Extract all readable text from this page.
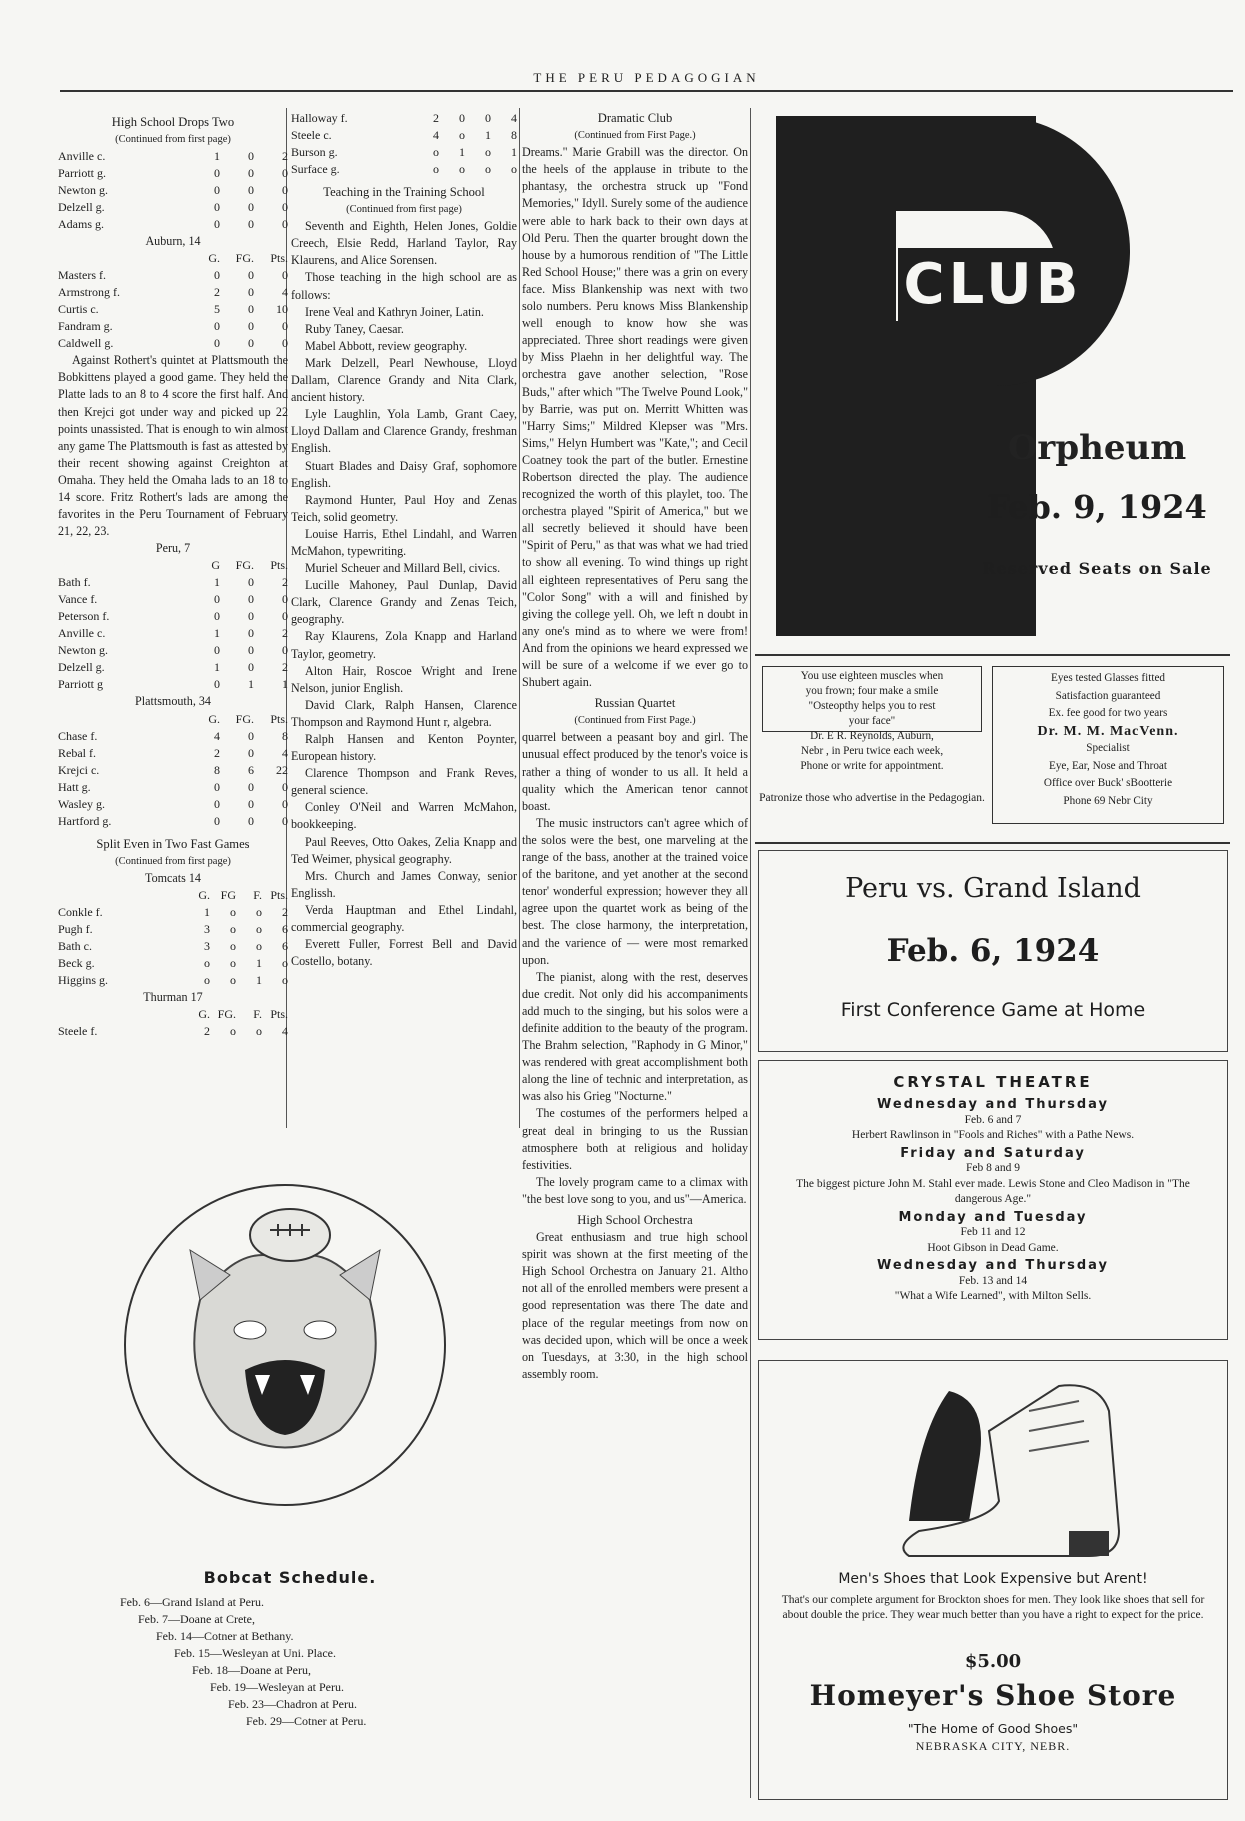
THE PERU PEDAGOGIAN
High School Drops Two
(Continued from first page)
Anville c.	1	0	2
Parriott g.	0	0	0
Newton g.	0	0	0
Delzell g.	0	0	0
Adams g.	0	0	0
Auburn, 14
	G.	FG.	Pts.
Masters f.	0	0	0
Armstrong f.	2	0	4
Curtis c.	5	0	10
Fandram g.	0	0	0
Caldwell g.	0	0	0

Against Rothert's quintet at Plattsmouth the Bobkittens played a good game. They held the Platte lads to an 8 to 4 score the first half. And then Krejci got under way and picked up 22 points unassisted. That is enough to win almost any game The Plattsmouth is fast as attested by their recent showing against Creighton at Omaha. They held the Omaha lads to an 18 to 14 score. Fritz Rothert's lads are among the favorites in the Peru Tournament of February 21, 22, 23.

Peru, 7
	G	FG.	Pts.
Bath f.	1	0	2
Vance f.	0	0	0
Peterson f.	0	0	0
Anville c.	1	0	2
Newton g.	0	0	0
Delzell g.	1	0	2
Parriott g	0	1	1
Plattsmouth, 34
	G.	FG.	Pts.
Chase f.	4	0	8
Rebal f.	2	0	4
Krejci c.	8	6	22
Hatt g.	0	0	0
Wasley g.	0	0	0
Hartford g.	0	0	0
Split Even in Two Fast Games
(Continued from first page)
Tomcats 14
	G.	FG	F.	Pts.
Conkle f.	1	o	o	2
Pugh f.	3	o	o	6
Bath c.	3	o	o	6
Beck g.	o	o	1	o
Higgins g.	o	o	1	o
Thurman 17
	G.	FG.	F.	Pts.
Steele f.	2	o	o	4
Halloway f.	2	0	0	4
Steele c.	4	o	1	8
Burson g.	o	1	o	1
Surface g.	o	o	o	o
Teaching in the Training School
(Continued from first page)

Seventh and Eighth, Helen Jones, Goldie Creech, Elsie Redd, Harland Taylor, Ray Klaurens, and Alice Sorensen.

Those teaching in the high school are as follows:

Irene Veal and Kathryn Joiner, Latin.

Ruby Taney, Caesar.

Mabel Abbott, review geography.

Mark Delzell, Pearl Newhouse, Lloyd Dallam, Clarence Grandy and Nita Clark, ancient history.

Lyle Laughlin, Yola Lamb, Grant Caey, Lloyd Dallam and Clarence Grandy, freshman English.

Stuart Blades and Daisy Graf, sophomore English.

Raymond Hunter, Paul Hoy and Zenas Teich, solid geometry.

Louise Harris, Ethel Lindahl, and Warren McMahon, typewriting.

Muriel Scheuer and Millard Bell, civics.

Lucille Mahoney, Paul Dunlap, David Clark, Clarence Grandy and Zenas Teich, geography.

Ray Klaurens, Zola Knapp and Harland Taylor, geometry.

Alton Hair, Roscoe Wright and Irene Nelson, junior English.

David Clark, Ralph Hansen, Clarence Thompson and Raymond Hunt r, algebra.

Ralph Hansen and Kenton Poynter, European history.

Clarence Thompson and Frank Reves, general science.

Conley O'Neil and Warren McMahon, bookkeeping.

Paul Reeves, Otto Oakes, Zelia Knapp and Ted Weimer, physical geography.

Mrs. Church and James Conway, senior Englissh.

Verda Hauptman and Ethel Lindahl, commercial geography.

Everett Fuller, Forrest Bell and David Costello, botany.

Dramatic Club
(Continued from First Page.)

Dreams." Marie Grabill was the director. On the heels of the applause in tribute to the phantasy, the orchestra struck up "Fond Memories," Idyll. Surely some of the audience were able to hark back to their own days at Old Peru. Then the quarter brought down the house by a humorous rendition of "The Little Red School House;" there was a grin on every face. Miss Blankenship was next with two solo numbers. Peru knows Miss Blankenship well enough to know how she was appreciated. Three short readings were given by Miss Plaehn in her delightful way. The orchestra gave another selection, "Rose Buds," after which "The Twelve Pound Look," by Barrie, was put on. Merritt Whitten was "Harry Sims;" Mildred Klepser was "Mrs. Sims," Helyn Humbert was "Kate,"; and Cecil Coatney took the part of the butler. Ernestine Robertson directed the play. The audience recognized the worth of this playlet, too. The orchestra played "Spirit of America," but we all secretly believed it should have been "Spirit of Peru," as that was what we had tried to show all evening. To wind things up right all eighteen representatives of Peru sang the "Color Song" with a will and finished by giving the college yell. Oh, we left n doubt in any one's mind as to where we were from! And from the opinions we heard expressed we will be sure of a welcome if we ever go to Shubert again.

Russian Quartet
(Continued from First Page.)

quarrel between a peasant boy and girl. The unusual effect produced by the tenor's voice is rather a thing of wonder to us all. It held a quality which the American tenor cannot boast.

The music instructors can't agree which of the solos were the best, one marveling at the range of the bass, another at the trained voice of the baritone, and yet another at the second tenor' wonderful expression; however they all agree upon the quartet work as being of the best. The close harmony, the interpretation, and the varience of — were most remarked upon.

The pianist, along with the rest, deserves due credit. Not only did his accompaniments add much to the singing, but his solos were a definite addition to the beauty of the program. The Brahm selection, "Raphody in G Minor," was rendered with great accomplishment both along the line of technic and interpretation, as was also his Grieg "Nocturne."

The costumes of the performers helped a great deal in bringing to us the Russian atmosphere both at religious and holiday festivities.

The lovely program came to a climax with "the best love song to you, and us"—America.

High School Orchestra

Great enthusiasm and true high school spirit was shown at the first meeting of the High School Orchestra on January 21. Altho not all of the enrolled members were present a good representation was there The date and place of the regular meetings from now on was decided upon, which will be once a week on Tuesdays, at 3:30, in the high school assembly room.

Bobcat Schedule.
Feb. 6—Grand Island at Peru.
Feb. 7—Doane at Crete,
Feb. 14—Cotner at Bethany.
Feb. 15—Wesleyan at Uni. Place.
Feb. 18—Doane at Peru,
Feb. 19—Wesleyan at Peru.
Feb. 23—Chadron at Peru.
Feb. 29—Cotner at Peru.
CLUB
Orpheum
Feb. 9, 1924
Reserved Seats on Sale
You use eighteen muscles when
you frown; four make a smile
"Osteopthy helps you to rest
your face"
Dr. E R. Reynolds, Auburn,
Nebr , in Peru twice each week,
Phone or write for appointment.
Patronize those who advertise in the Pedagogian.
Eyes tested Glasses fitted
Satisfaction guaranteed
Ex. fee good for two years
Dr. M. M. MacVenn.
Specialist
Eye, Ear, Nose and Throat
Office over Buck' sBootterie
Phone 69 Nebr City
Peru vs. Grand Island
Feb. 6, 1924
First Conference Game at Home
CRYSTAL THEATRE
Wednesday and Thursday
Feb. 6 and 7
Herbert Rawlinson in "Fools and Riches" with a Pathe News.
Friday and Saturday
Feb 8 and 9
The biggest picture John M. Stahl ever made. Lewis Stone and Cleo Madison in "The dangerous Age."
Monday and Tuesday
Feb 11 and 12
Hoot Gibson in Dead Game.
Wednesday and Thursday
Feb. 13 and 14
"What a Wife Learned", with Milton Sells.
Men's Shoes that Look Expensive but Arent!
That's our complete argument for Brockton shoes for men. They look like shoes that sell for about double the price. They wear much better than you have a right to expect for the price.
$5.00
Homeyer's Shoe Store
"The Home of Good Shoes"
NEBRASKA CITY, NEBR.
